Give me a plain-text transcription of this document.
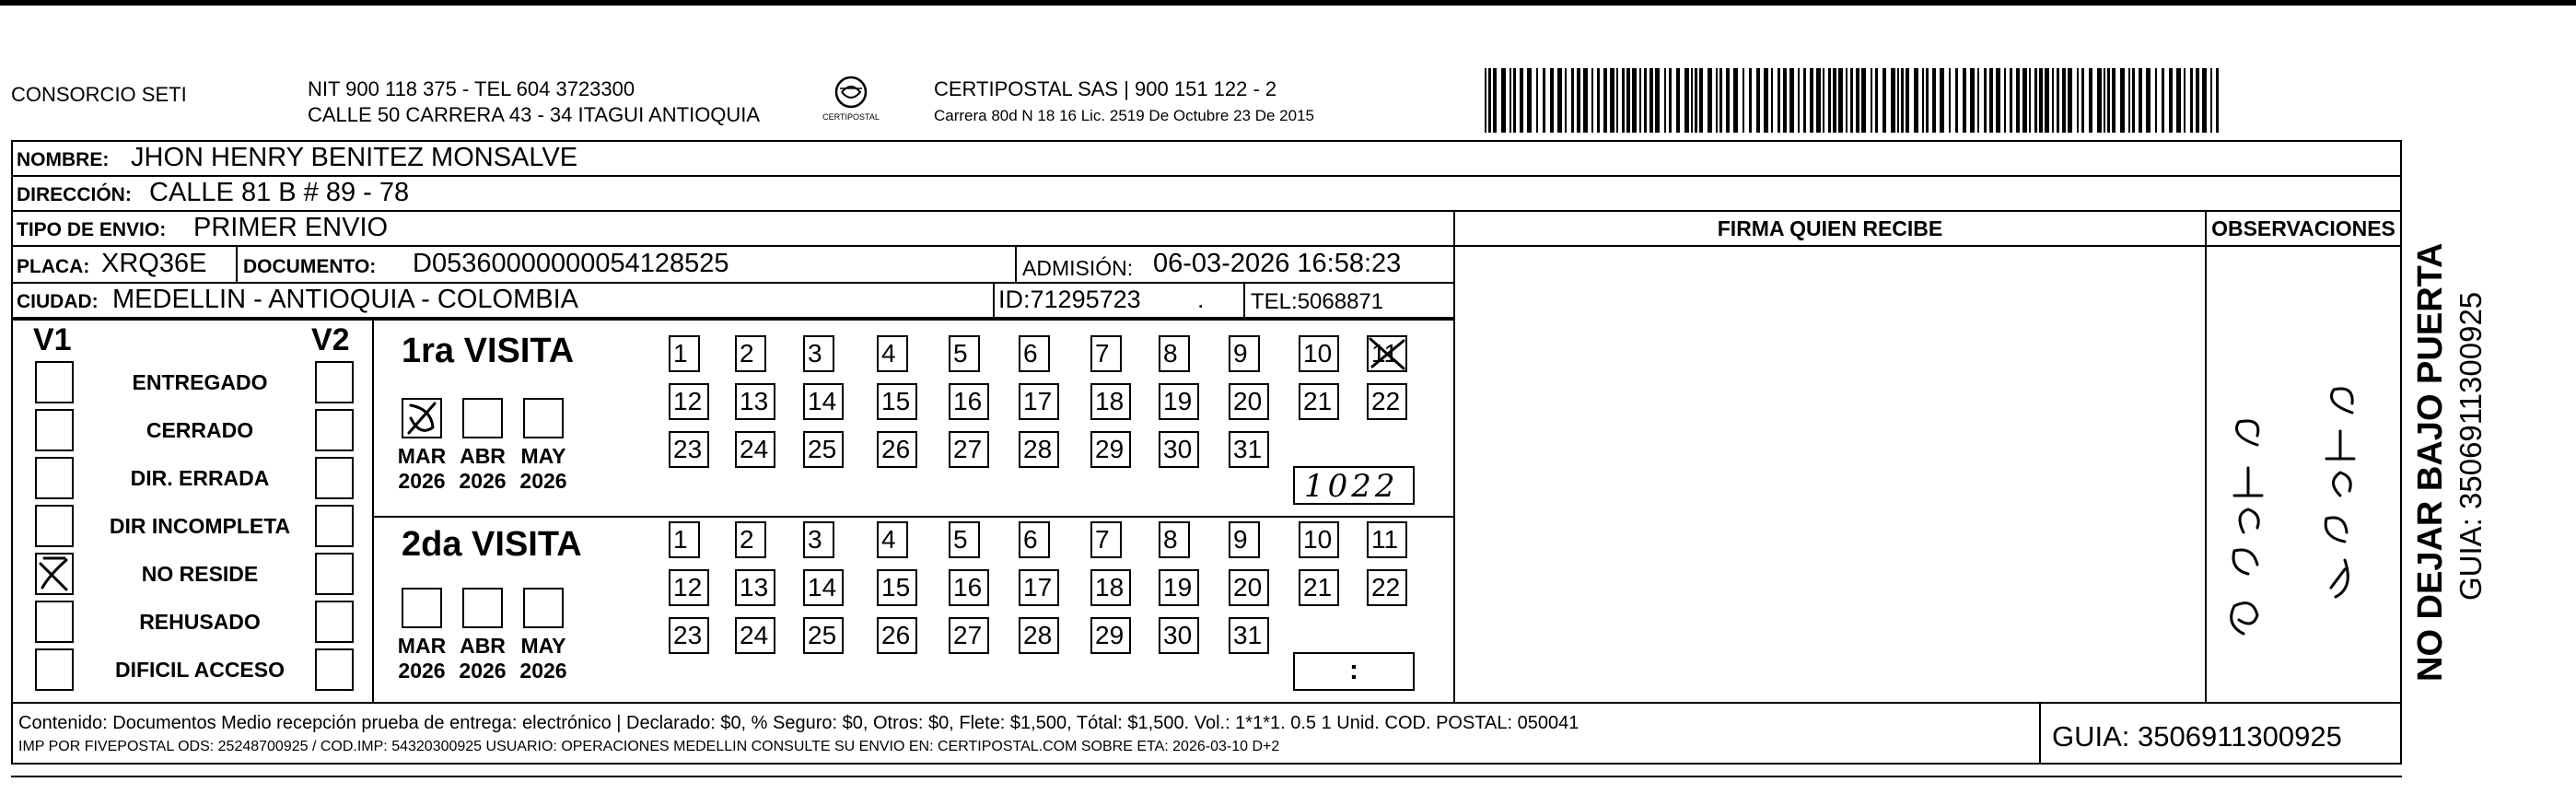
CONSORCIO SETI	NIT 900 118 375 - TEL 604 3723300
CALLE 50 CARRERA 43 - 34 ITAGUI ANTIOQUIA	CERTIPOSTAL
CERTIPOSTAL SAS | 900 151 122 - 2
Carrera 80d N 18 16 Lic. 2519 De Octubre 23 De 2015
NOMBRE: JHON HENRY BENITEZ MONSALVE
DIRECCIÓN: CALLE 81 B # 89 - 78
TIPO DE ENVIO: PRIMER ENVIO
PLACA: XRQ36E DOCUMENTO: D05360000000054128525	ADMISIÓN: 06-03-2026 16:58:23
CIUDAD: MEDELLIN - ANTIOQUIA - COLOMBIA	ID:71295723 . TEL:5068871
FIRMA QUIEN RECIBE	OBSERVACIONES
Contenido: Documentos Medio recepción prueba de entrega: electrónico | Declarado: $0, % Seguro: $0, Otros: $0, Flete: $1,500, Tótal: $1,500. Vol.: 1*1*1. 0.5 1 Unid. COD. POSTAL: 050041
IMP POR FIVEPOSTAL ODS: 25248700925 / COD.IMP: 54320300925 USUARIO: OPERACIONES MEDELLIN CONSULTE SU ENVIO EN: CERTIPOSTAL.COM SOBRE ETA: 2026-03-10 D+2	GUIA: 3506911300925
V1	V2
ENTREGADO
CERRADO
DIR. ERRADA
DIR INCOMPLETA
NO RESIDE
REHUSADO
DIFICIL ACCESO
1ra VISITA
2da VISITA
MAR
2026
ABR
2026
MAY
2026
MAR
2026
ABR
2026
MAY
2026
1	2	3	4	5	6	7	8	9	10 11
12 13 14 15 16 17 18 19 20 21 22
23 24 25 26 27 28 29 30 31
1	2	3	4	5	6	7	8	9	10 11
12 13 14 15 16 17 18 19 20 21 22
23 24 25 26 27 28 29 30 31
1022
:	NO DEJAR BAJO PUERTA GUIA: 3506911300925
